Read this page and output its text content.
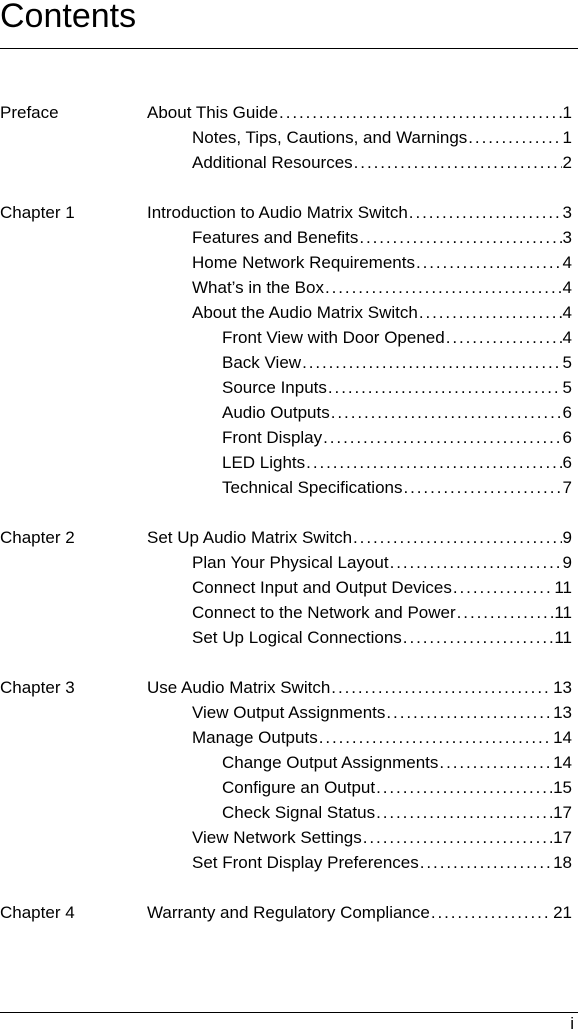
Contents
Preface	About This Guide . . .	1
Notes, Tips, Cautions, and Warnings . . .	1
Additional Resources . . .	2
Chapter 1	Introduction to Audio Matrix Switch . . .	3
Features and Benefits . . .	3
Home Network Requirements . . .	4
What’s in the Box . . .	4
About the Audio Matrix Switch . . .	4
Front View with Door Opened . . .	4
Back View . . .	5
Source Inputs . . .	5
Audio Outputs . . .	6
Front Display . . .	6
LED Lights . . .	6
Technical Specifications . . .	7
Chapter 2	Set Up Audio Matrix Switch . . .	9
Plan Your Physical Layout . . .	9
Connect Input and Output Devices . . .	11
Connect to the Network and Power . . .	11
Set Up Logical Connections . . .	11
Chapter 3	Use Audio Matrix Switch . . .	13
View Output Assignments . . .	13
Manage Outputs . . .	14
Change Output Assignments . . .	14
Configure an Output . . .	15
Check Signal Status . . .	17
View Network Settings . . .	17
Set Front Display Preferences . . .	18
Chapter 4	Warranty and Regulatory Compliance . . .	21
i
